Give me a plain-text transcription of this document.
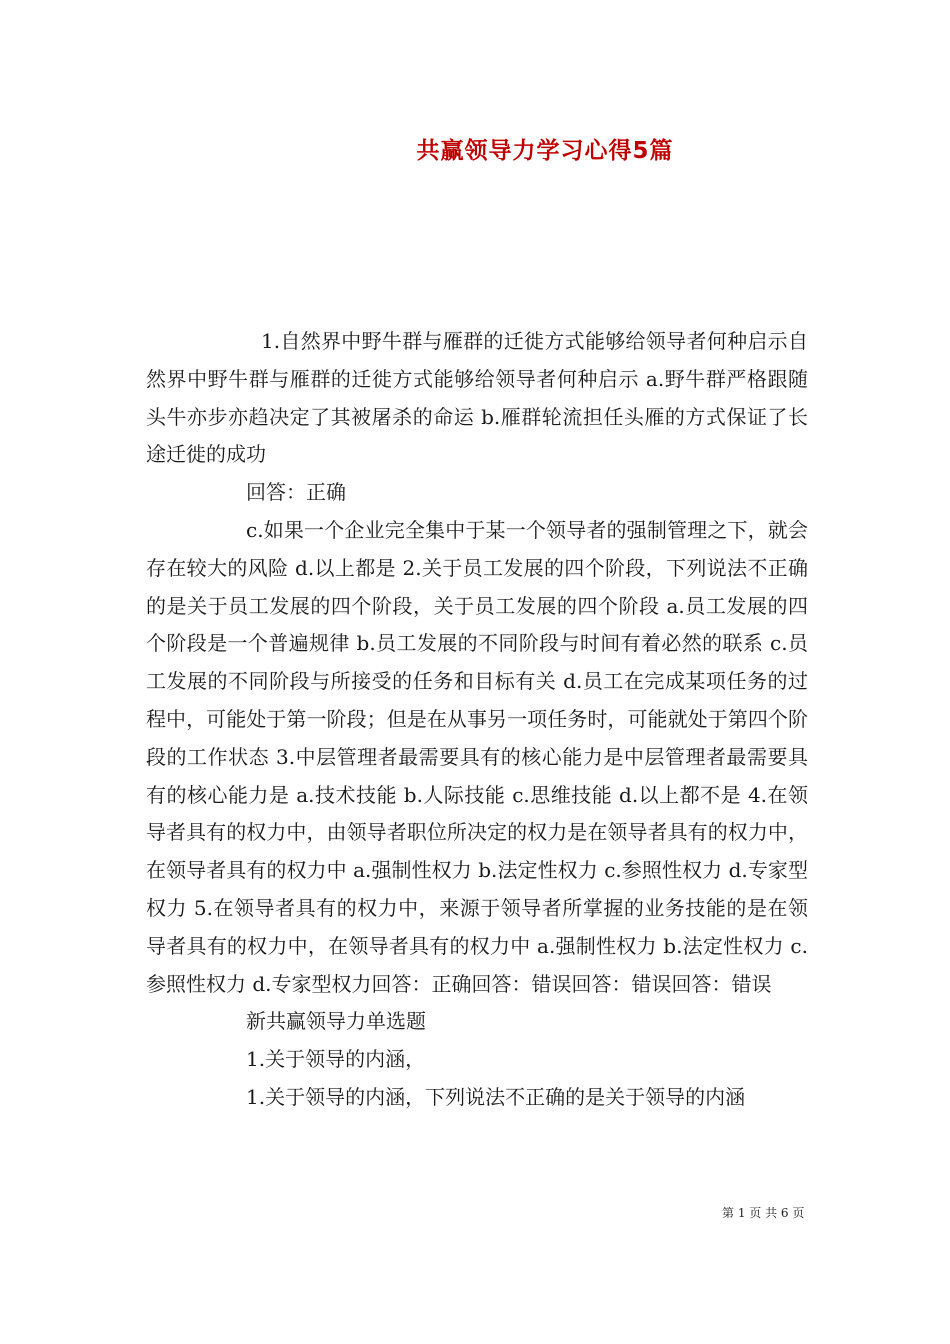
共赢领导力学习心得5篇

1.自然界中野牛群与雁群的迁徙方式能够给领导者何种启示自然界中野牛群与雁群的迁徙方式能够给领导者何种启示 a.野牛群严格跟随头牛亦步亦趋决定了其被屠杀的命运 b.雁群轮流担任头雁的方式保证了长途迁徙的成功

回答：正确

c.如果一个企业完全集中于某一个领导者的强制管理之下，就会存在较大的风险 d.以上都是 2.关于员工发展的四个阶段，下列说法不正确的是关于员工发展的四个阶段，关于员工发展的四个阶段 a.员工发展的四个阶段是一个普遍规律 b.员工发展的不同阶段与时间有着必然的联系 c.员工发展的不同阶段与所接受的任务和目标有关 d.员工在完成某项任务的过程中，可能处于第一阶段；但是在从事另一项任务时，可能就处于第四个阶段的工作状态 3.中层管理者最需要具有的核心能力是中层管理者最需要具有的核心能力是 a.技术技能 b.人际技能 c.思维技能 d.以上都不是 4.在领导者具有的权力中，由领导者职位所决定的权力是在领导者具有的权力中，在领导者具有的权力中 a.强制性权力 b.法定性权力 c.参照性权力 d.专家型权力 5.在领导者具有的权力中，来源于领导者所掌握的业务技能的是在领导者具有的权力中，在领导者具有的权力中 a.强制性权力 b.法定性权力 c.参照性权力 d.专家型权力回答：正确回答：错误回答：错误回答：错误

新共赢领导力单选题

1.关于领导的内涵，

1.关于领导的内涵，下列说法不正确的是关于领导的内涵

第 1 页 共 6 页
